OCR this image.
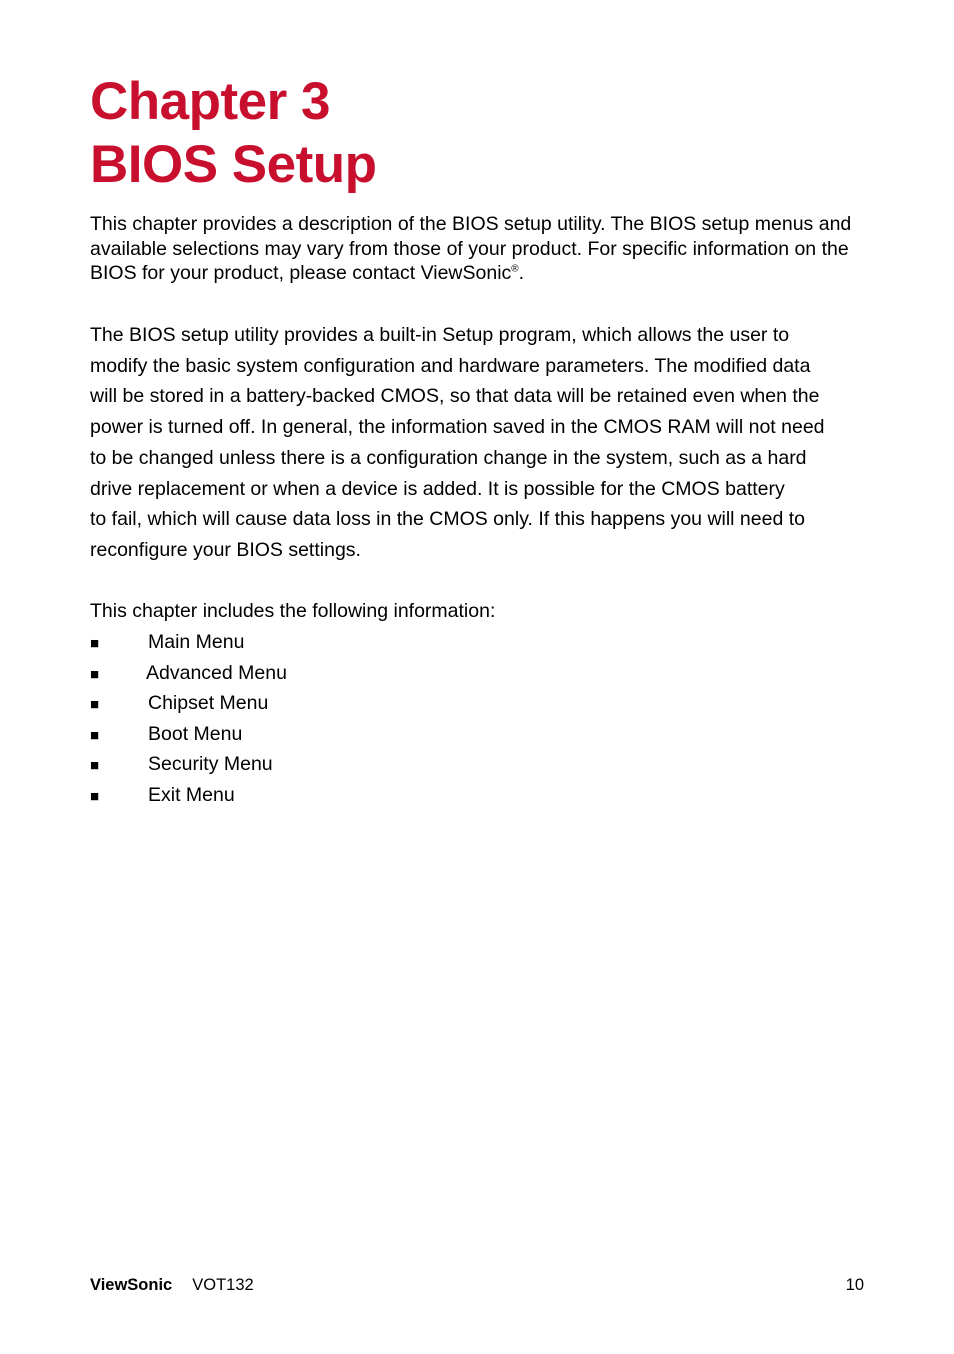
Chapter 3
BIOS Setup

This chapter provides a description of the BIOS setup utility. The BIOS setup menus and available selections may vary from those of your product. For specific information on the BIOS for your product, please contact ViewSonic®.

The BIOS setup utility provides a built-in Setup program, which allows the user to
modify the basic system configuration and hardware parameters. The modified data
will be stored in a battery-backed CMOS, so that data will be retained even when the
power is turned off. In general, the information saved in the CMOS RAM will not need
to be changed unless there is a configuration change in the system, such as a hard
drive replacement or when a device is added. It is possible for the CMOS battery
to fail, which will cause data loss in the CMOS only. If this happens you will need to
reconfigure your BIOS settings.

This chapter includes the following information:

■	Main Menu
■ Advanced Menu
■	Chipset Menu
■	Boot Menu
■	Security Menu
■	Exit Menu
ViewSonic VOT132	10
